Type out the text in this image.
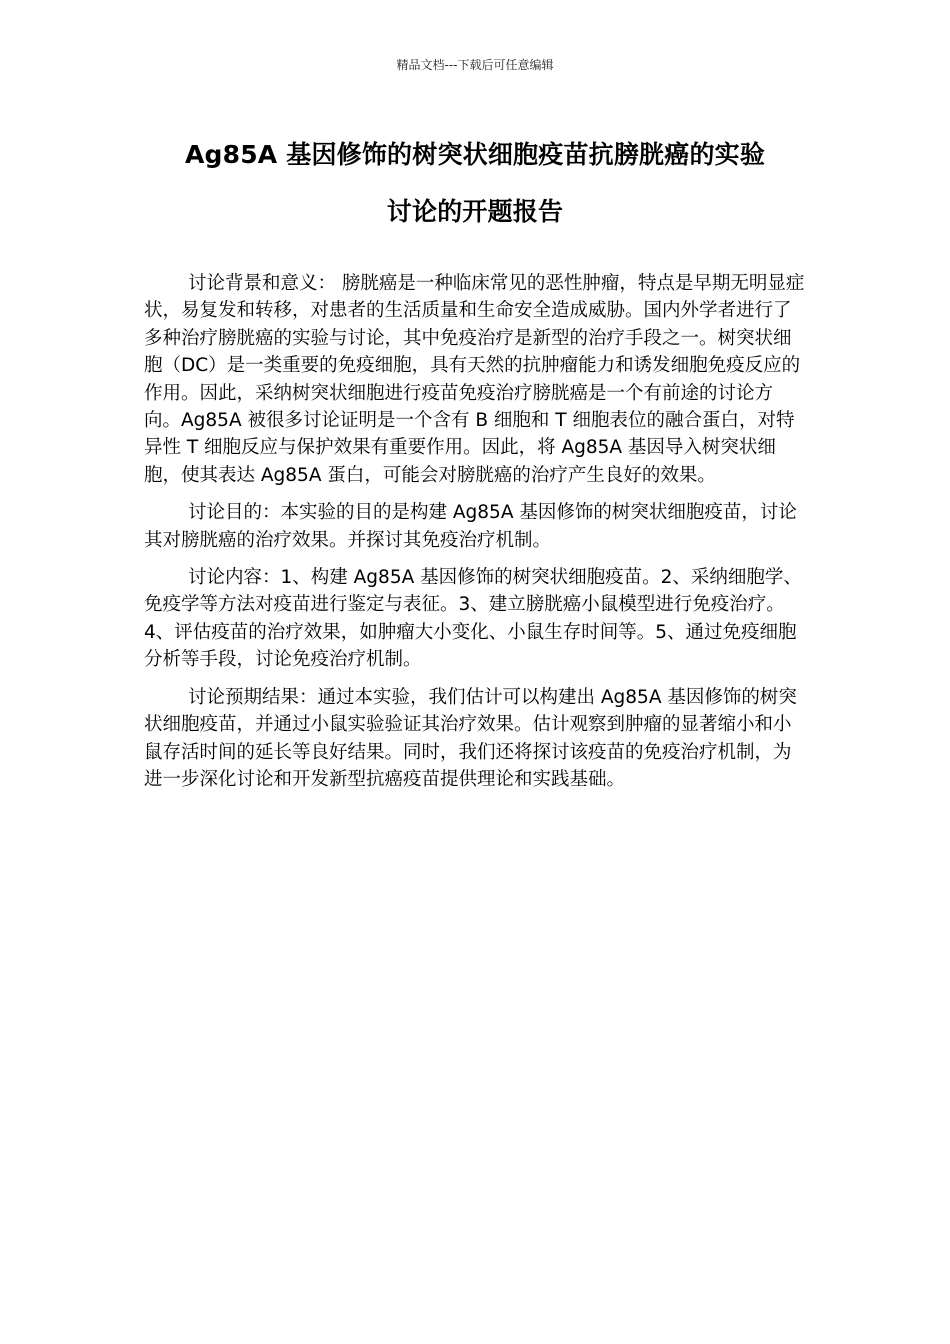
精品文档---下载后可任意编辑
Ag85A 基因修饰的树突状细胞疫苗抗膀胱癌的实验
讨论的开题报告

讨论背景和意义： 膀胱癌是一种临床常见的恶性肿瘤，特点是早期无明显症状，易复发和转移，对患者的生活质量和生命安全造成威胁。国内外学者进行了多种治疗膀胱癌的实验与讨论，其中免疫治疗是新型的治疗手段之一。树突状细胞（DC）是一类重要的免疫细胞，具有天然的抗肿瘤能力和诱发细胞免疫反应的作用。因此，采纳树突状细胞进行疫苗免疫治疗膀胱癌是一个有前途的讨论方向。Ag85A 被很多讨论证明是一个含有 B 细胞和 T 细胞表位的融合蛋白，对特异性 T 细胞反应与保护效果有重要作用。因此，将 Ag85A 基因导入树突状细胞，使其表达 Ag85A 蛋白，可能会对膀胱癌的治疗产生良好的效果。

讨论目的：本实验的目的是构建 Ag85A 基因修饰的树突状细胞疫苗，讨论其对膀胱癌的治疗效果。并探讨其免疫治疗机制。

讨论内容：1、构建 Ag85A 基因修饰的树突状细胞疫苗。2、采纳细胞学、免疫学等方法对疫苗进行鉴定与表征。3、建立膀胱癌小鼠模型进行免疫治疗。4、评估疫苗的治疗效果，如肿瘤大小变化、小鼠生存时间等。5、通过免疫细胞分析等手段，讨论免疫治疗机制。

讨论预期结果：通过本实验，我们估计可以构建出 Ag85A 基因修饰的树突状细胞疫苗，并通过小鼠实验验证其治疗效果。估计观察到肿瘤的显著缩小和小鼠存活时间的延长等良好结果。同时，我们还将探讨该疫苗的免疫治疗机制，为进一步深化讨论和开发新型抗癌疫苗提供理论和实践基础。
